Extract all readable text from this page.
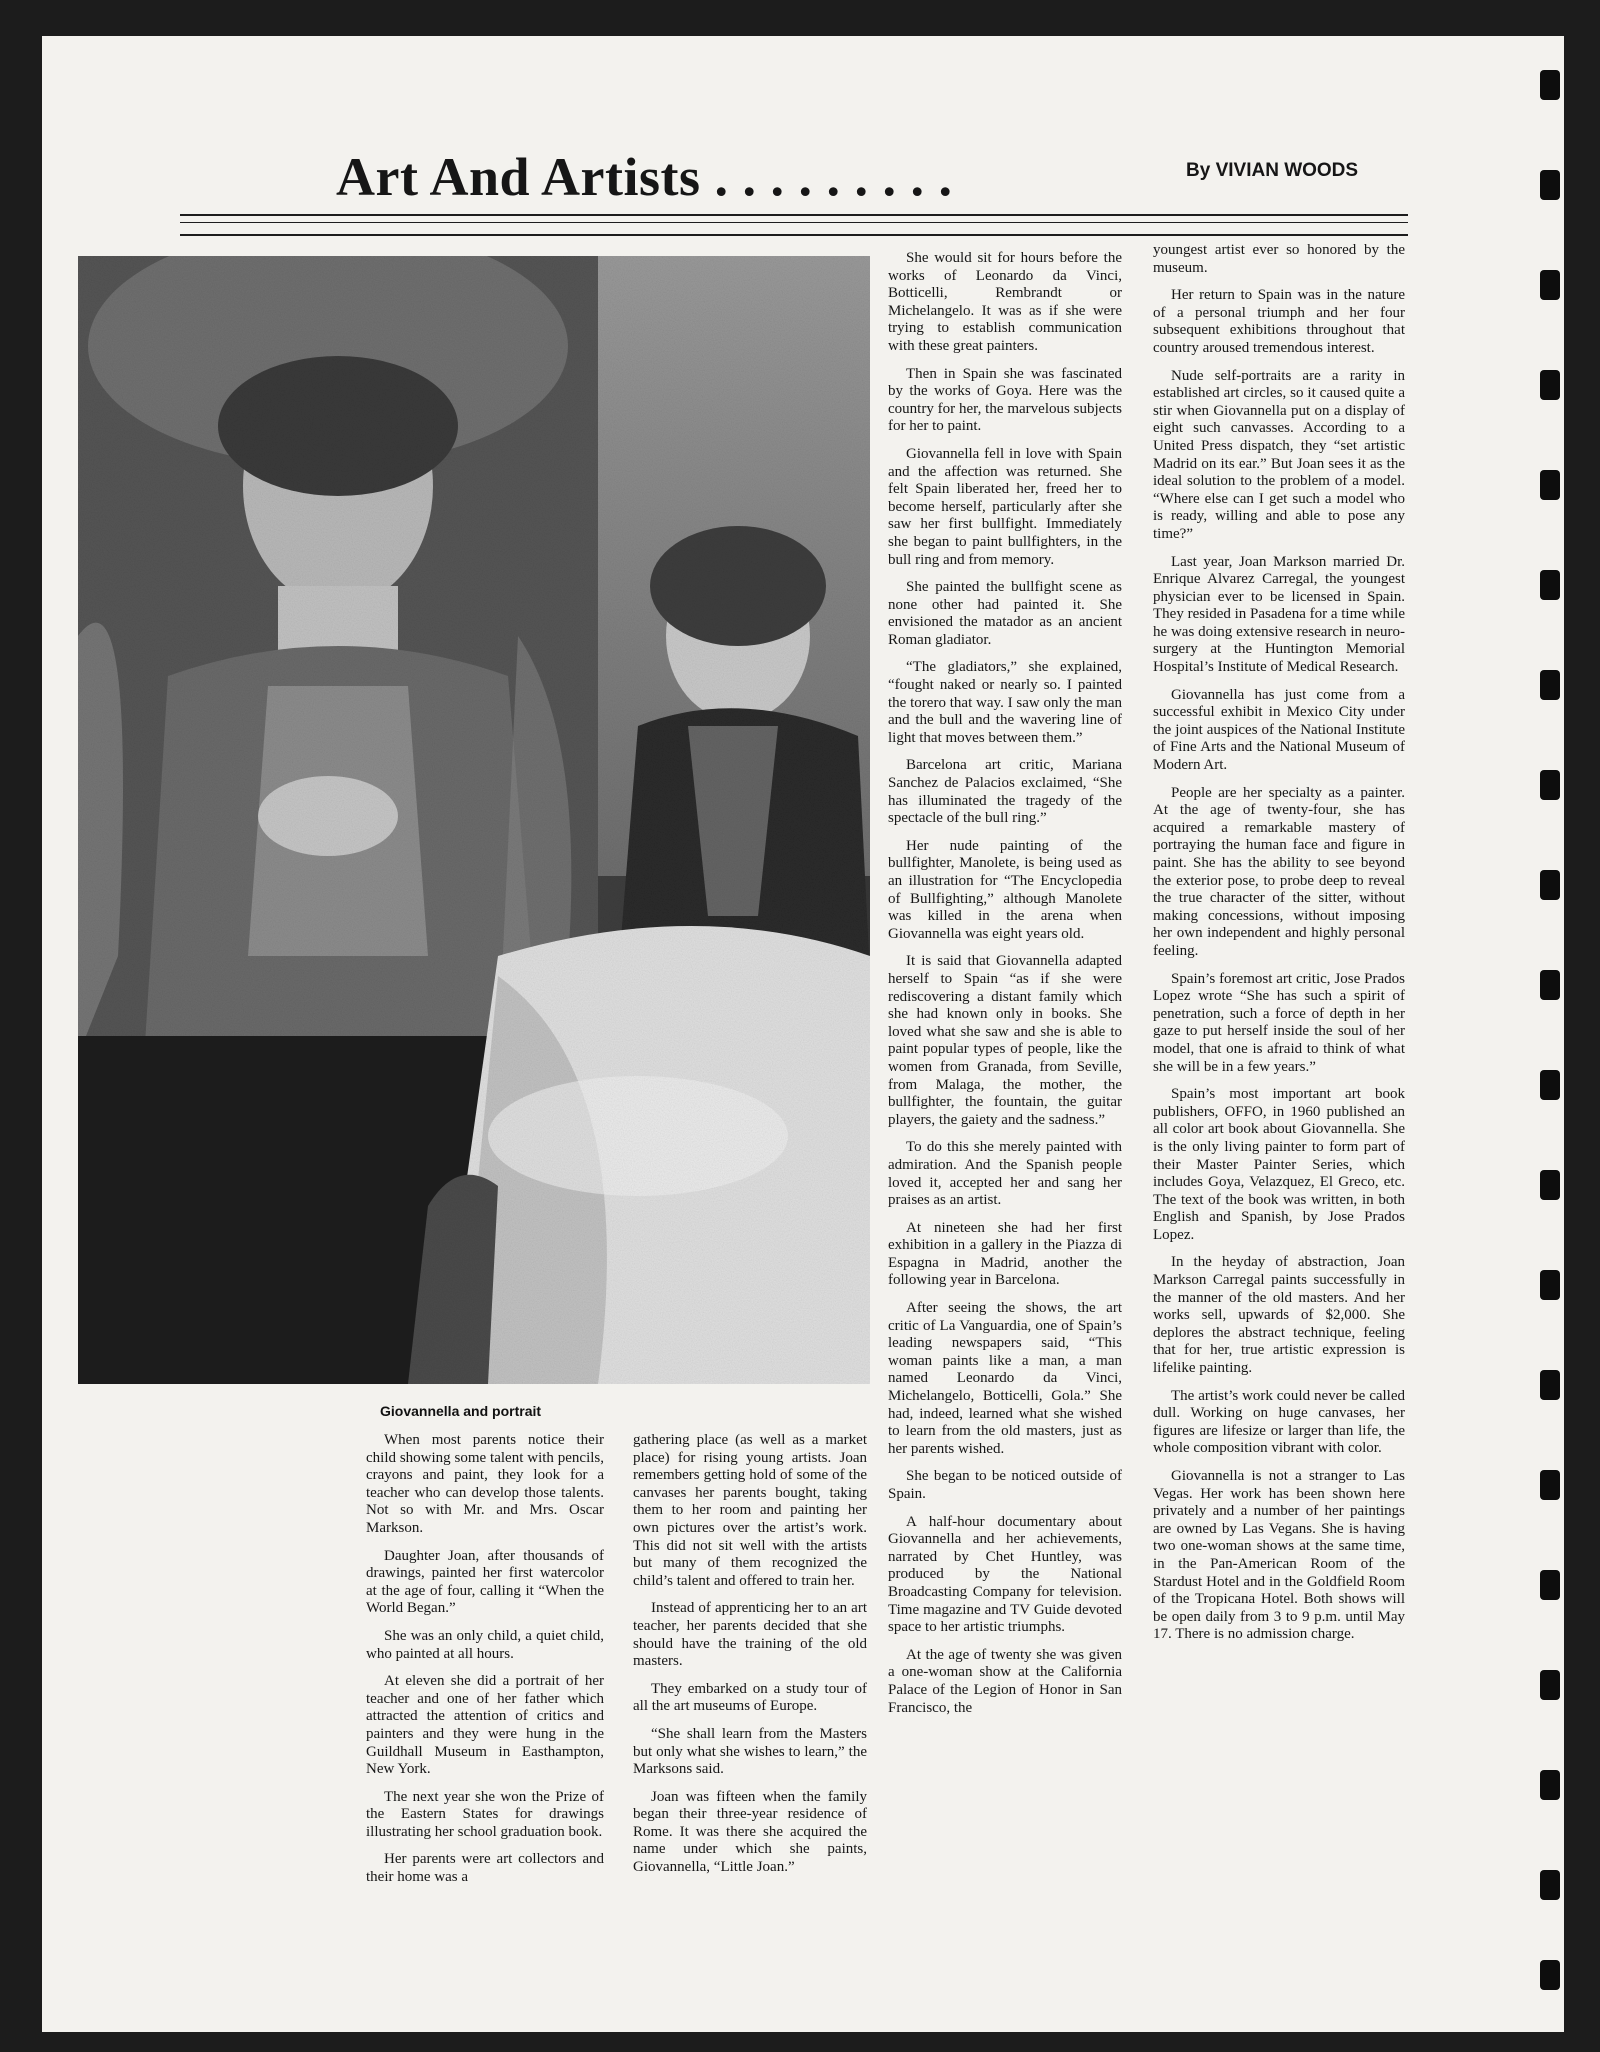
Art And Artists . . . . . . . . .	By VIVIAN WOODS
Giovannella and portrait

When most parents notice their child showing some talent with pencils, crayons and paint, they look for a teacher who can develop those talents. Not so with Mr. and Mrs. Oscar Markson.

Daughter Joan, after thousands of drawings, painted her first watercolor at the age of four, calling it “When the World Began.”

She was an only child, a quiet child, who painted at all hours.

At eleven she did a portrait of her teacher and one of her father which attracted the attention of critics and painters and they were hung in the Guildhall Museum in Easthampton, New York.

The next year she won the Prize of the Eastern States for drawings illustrating her school graduation book.

Her parents were art collectors and their home was a

gathering place (as well as a market place) for rising young artists. Joan remembers getting hold of some of the canvases her parents bought, taking them to her room and painting her own pictures over the artist’s work. This did not sit well with the artists but many of them recognized the child’s talent and offered to train her.

Instead of apprenticing her to an art teacher, her parents decided that she should have the training of the old masters.

They embarked on a study tour of all the art museums of Europe.

“She shall learn from the Masters but only what she wishes to learn,” the Marksons said.

Joan was fifteen when the family began their three-year residence of Rome. It was there she acquired the name under which she paints, Giovannella, “Little Joan.”

She would sit for hours before the works of Leonardo da Vinci, Botticelli, Rembrandt or Michelangelo. It was as if she were trying to establish communication with these great painters.

Then in Spain she was fascinated by the works of Goya. Here was the country for her, the marvelous subjects for her to paint.

Giovannella fell in love with Spain and the affection was returned. She felt Spain liberated her, freed her to become herself, particularly after she saw her first bullfight. Immediately she began to paint bullfighters, in the bull ring and from memory.

She painted the bullfight scene as none other had painted it. She envisioned the matador as an ancient Roman gladiator.

“The gladiators,” she explained, “fought naked or nearly so. I painted the torero that way. I saw only the man and the bull and the wavering line of light that moves between them.”

Barcelona art critic, Mariana Sanchez de Palacios exclaimed, “She has illuminated the tragedy of the spectacle of the bull ring.”

Her nude painting of the bullfighter, Manolete, is being used as an illustration for “The Encyclopedia of Bullfighting,” although Manolete was killed in the arena when Giovannella was eight years old.

It is said that Giovannella adapted herself to Spain “as if she were rediscovering a distant family which she had known only in books. She loved what she saw and she is able to paint popular types of people, like the women from Granada, from Seville, from Malaga, the mother, the bullfighter, the fountain, the guitar players, the gaiety and the sadness.”

To do this she merely painted with admiration. And the Spanish people loved it, accepted her and sang her praises as an artist.

At nineteen she had her first exhibition in a gallery in the Piazza di Espagna in Madrid, another the following year in Barcelona.

After seeing the shows, the art critic of La Vanguardia, one of Spain’s leading newspapers said, “This woman paints like a man, a man named Leonardo da Vinci, Michelangelo, Botticelli, Gola.” She had, indeed, learned what she wished to learn from the old masters, just as her parents wished.

She began to be noticed outside of Spain.

A half-hour documentary about Giovannella and her achievements, narrated by Chet Huntley, was produced by the National Broadcasting Company for television. Time magazine and TV Guide devoted space to her artistic triumphs.

At the age of twenty she was given a one-woman show at the California Palace of the Legion of Honor in San Francisco, the

youngest artist ever so honored by the museum.

Her return to Spain was in the nature of a personal triumph and her four subsequent exhibitions throughout that country aroused tremendous interest.

Nude self-portraits are a rarity in established art circles, so it caused quite a stir when Giovannella put on a display of eight such canvasses. According to a United Press dispatch, they “set artistic Madrid on its ear.” But Joan sees it as the ideal solution to the problem of a model. “Where else can I get such a model who is ready, willing and able to pose any time?”

Last year, Joan Markson married Dr. Enrique Alvarez Carregal, the youngest physician ever to be licensed in Spain. They resided in Pasadena for a time while he was doing extensive research in neuro-surgery at the Huntington Memorial Hospital’s Institute of Medical Research.

Giovannella has just come from a successful exhibit in Mexico City under the joint auspices of the National Institute of Fine Arts and the National Museum of Modern Art.

People are her specialty as a painter. At the age of twenty-four, she has acquired a remarkable mastery of portraying the human face and figure in paint. She has the ability to see beyond the exterior pose, to probe deep to reveal the true character of the sitter, without making concessions, without imposing her own independent and highly personal feeling.

Spain’s foremost art critic, Jose Prados Lopez wrote “She has such a spirit of penetration, such a force of depth in her gaze to put herself inside the soul of her model, that one is afraid to think of what she will be in a few years.”

Spain’s most important art book publishers, OFFO, in 1960 published an all color art book about Giovannella. She is the only living painter to form part of their Master Painter Series, which includes Goya, Velazquez, El Greco, etc. The text of the book was written, in both English and Spanish, by Jose Prados Lopez.

In the heyday of abstraction, Joan Markson Carregal paints successfully in the manner of the old masters. And her works sell, upwards of $2,000. She deplores the abstract technique, feeling that for her, true artistic expression is lifelike painting.

The artist’s work could never be called dull. Working on huge canvases, her figures are lifesize or larger than life, the whole composition vibrant with color.

Giovannella is not a stranger to Las Vegas. Her work has been shown here privately and a number of her paintings are owned by Las Vegans. She is having two one-woman shows at the same time, in the Pan-American Room of the Stardust Hotel and in the Goldfield Room of the Tropicana Hotel. Both shows will be open daily from 3 to 9 p.m. until May 17. There is no admission charge.
